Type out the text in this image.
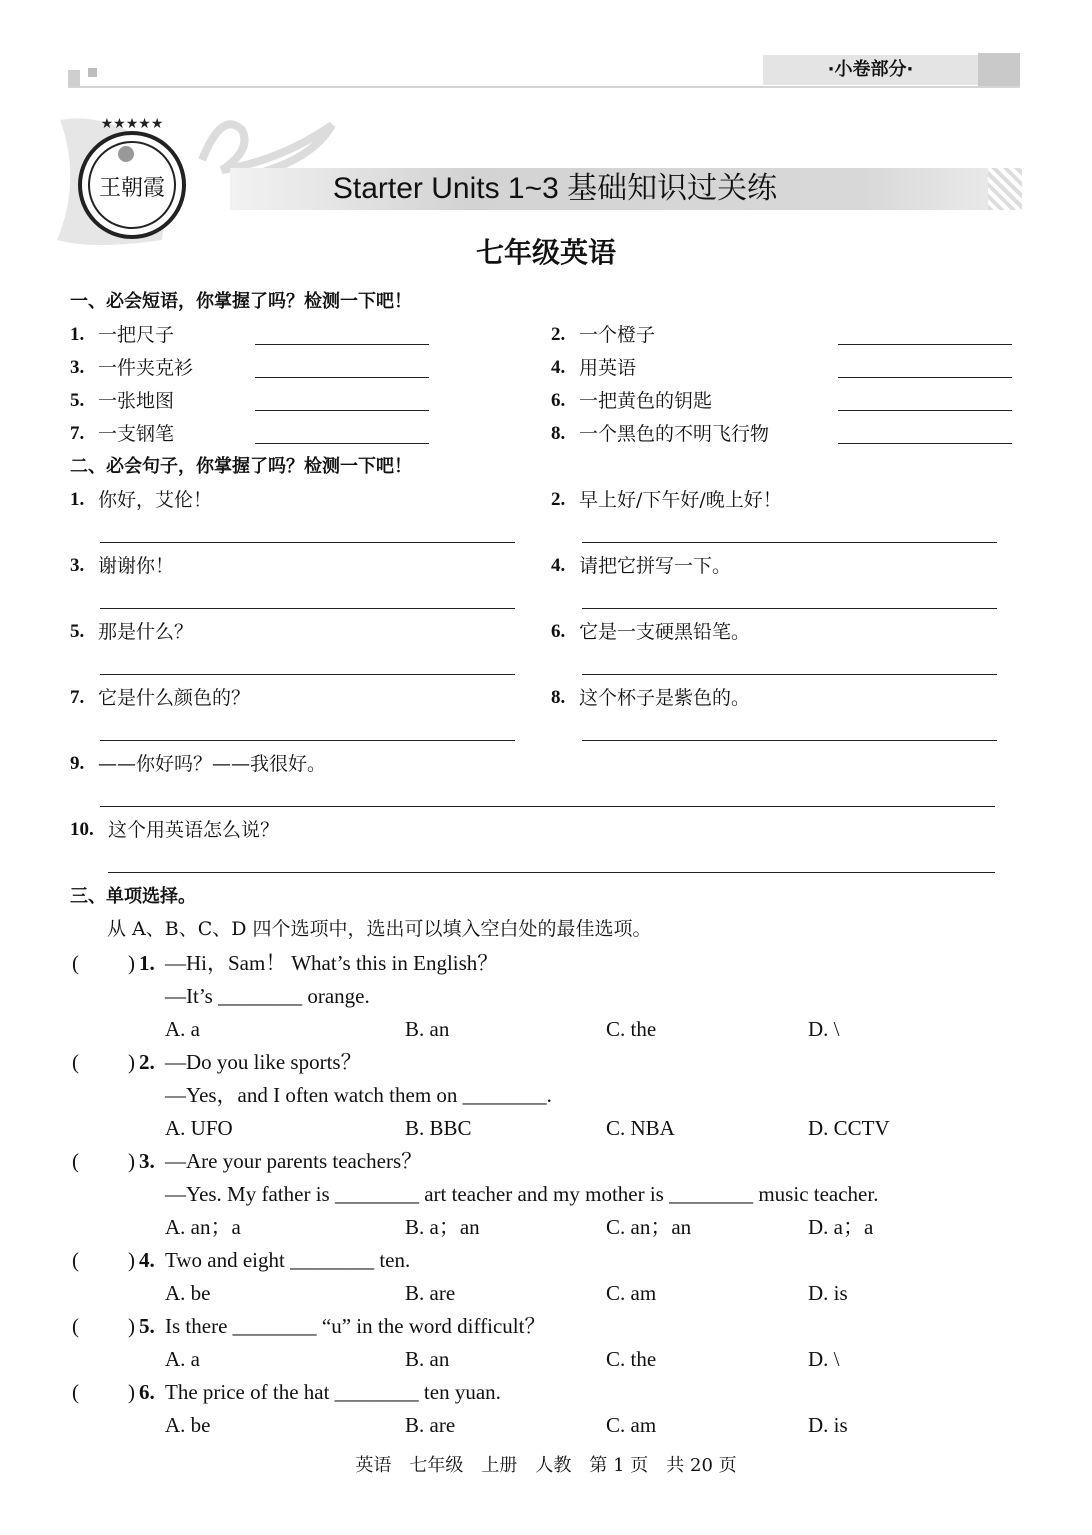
·小卷部分·
★★★★★
王朝霞	Starter Units 1~3 基础知识过关练
七年级英语
一、必会短语，你掌握了吗？检测一下吧！
1. 一把尺子	2. 一个橙子
3. 一件夹克衫	4. 用英语
5. 一张地图	6. 一把黄色的钥匙
7. 一支钢笔	8. 一个黑色的不明飞行物
二、必会句子，你掌握了吗？检测一下吧！
1. 你好，艾伦！	2. 早上好/下午好/晚上好！
3. 谢谢你！	4. 请把它拼写一下。
5. 那是什么？	6. 它是一支硬黑铅笔。
7. 它是什么颜色的？	8. 这个杯子是紫色的。
9. ——你好吗？——我很好。
10. 这个用英语怎么说？
三、单项选择。
从 A、B、C、D 四个选项中，选出可以填入空白处的最佳选项。
( ) 1. —Hi，Sam！ What’s this in English？
—It’s ________ orange.
A. a	B. an	C. the	D. \
( ) 2. —Do you like sports？
—Yes，and I often watch them on ________.
A. UFO	B. BBC	C. NBA	D. CCTV
( ) 3. —Are your parents teachers？
—Yes. My father is ________ art teacher and my mother is ________ music teacher.
A. an；a	B. a；an	C. an；an	D. a；a
( ) 4. Two and eight ________ ten.
A. be	B. are	C. am	D. is
( ) 5. Is there ________ “u” in the word difficult？
A. a	B. an	C. the	D. \
( ) 6. The price of the hat ________ ten yuan.
A. be	B. are	C. am	D. is
英语　七年级　上册　人教　第 1 页　共 20 页
